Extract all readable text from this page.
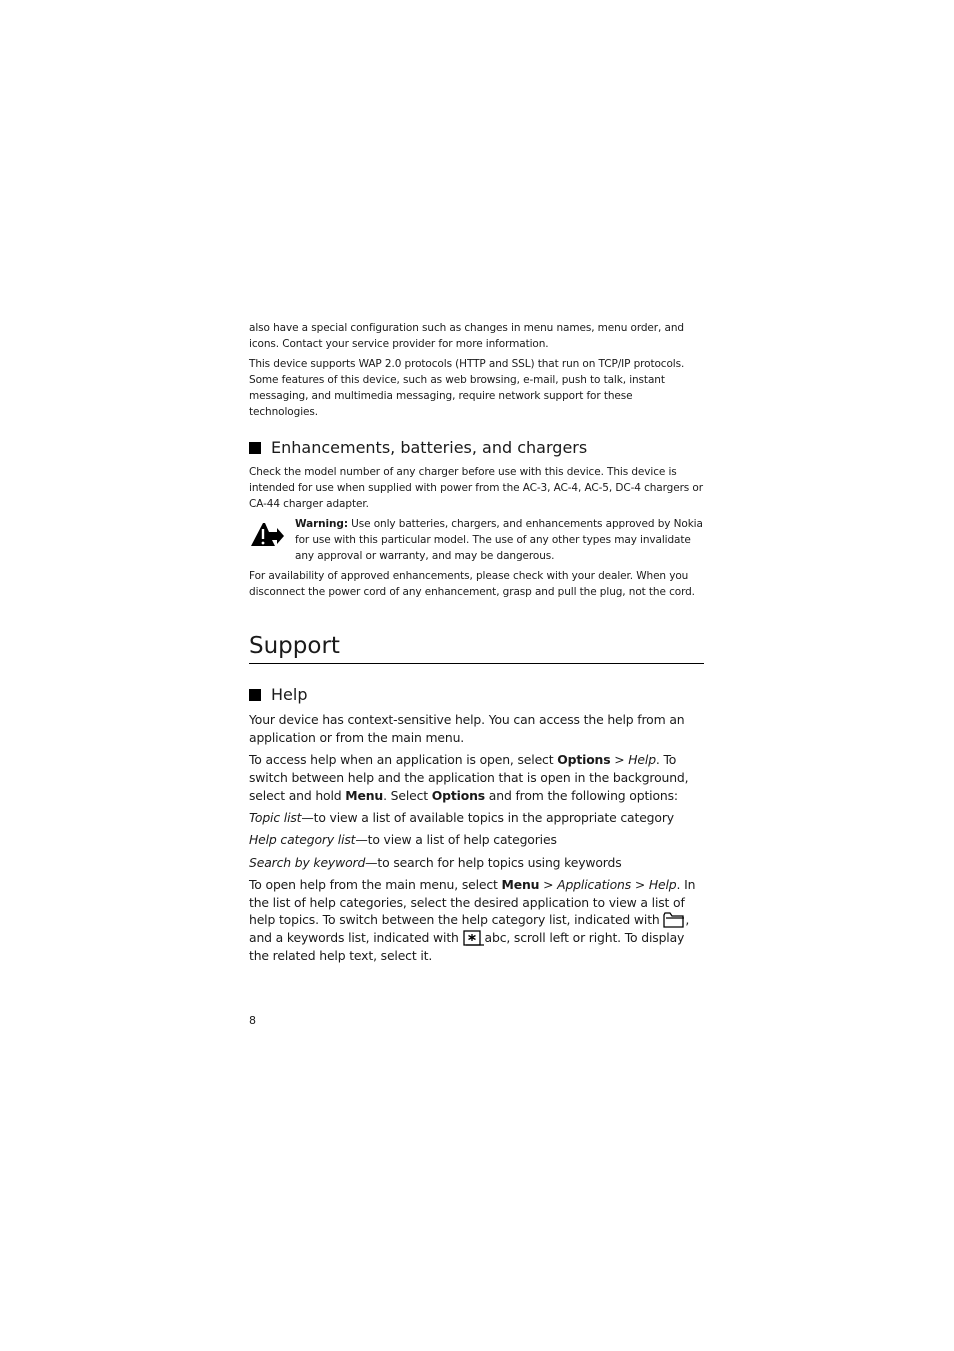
also have a special configuration such as changes in menu names, menu order, and icons. Contact your service provider for more information.

This device supports WAP 2.0 protocols (HTTP and SSL) that run on TCP/IP protocols. Some features of this device, such as web browsing, e-mail, push to talk, instant messaging, and multimedia messaging, require network support for these technologies.

Enhancements, batteries, and chargers

Check the model number of any charger before use with this device. This device is intended for use when supplied with power from the AC-3, AC-4, AC-5, DC-4 chargers or CA-44 charger adapter.

Warning: Use only batteries, chargers, and enhancements approved by Nokia for use with this particular model. The use of any other types may invalidate any approval or warranty, and may be dangerous.

For availability of approved enhancements, please check with your dealer. When you disconnect the power cord of any enhancement, grasp and pull the plug, not the cord.

Support
Help

Your device has context-sensitive help. You can access the help from an application or from the main menu.

To access help when an application is open, select Options > Help. To switch between help and the application that is open in the background, select and hold Menu. Select Options and from the following options:

Topic list—to view a list of available topics in the appropriate category

Help category list—to view a list of help categories

Search by keyword—to search for help topics using keywords

To open help from the main menu, select Menu > Applications > Help. In the list of help categories, select the desired application to view a list of help topics. To switch between the help category list, indicated with , and a keywords list, indicated with abc, scroll left or right. To display the related help text, select it.

8
